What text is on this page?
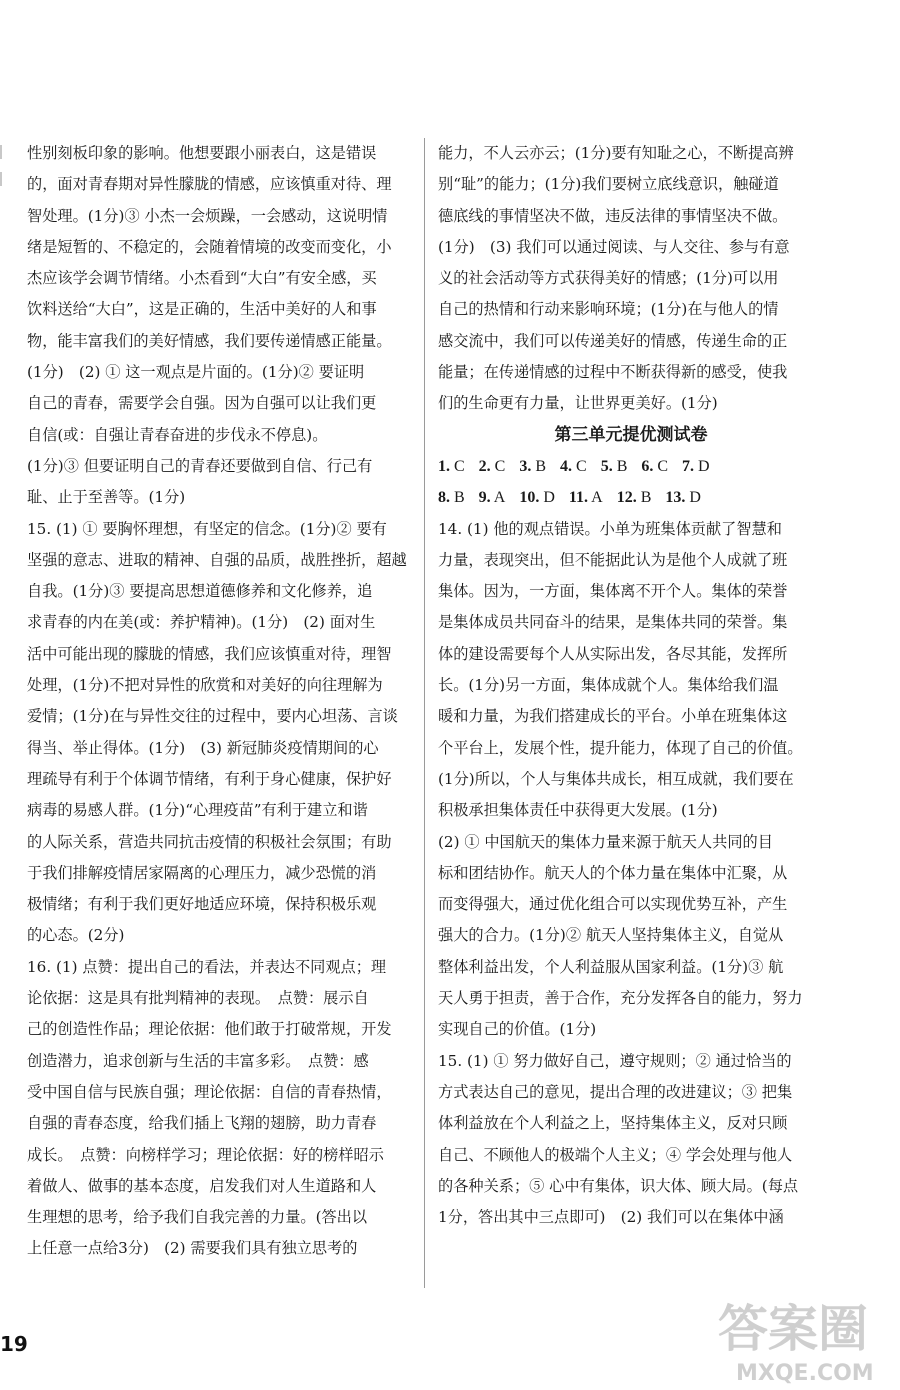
性别刻板印象的影响。他想要跟小丽表白，这是错误
的，面对青春期对异性朦胧的情感，应该慎重对待、理
智处理。(1分)③ 小杰一会烦躁，一会感动，这说明情
绪是短暂的、不稳定的，会随着情境的改变而变化，小
杰应该学会调节情绪。小杰看到“大白”有安全感，买
饮料送给“大白”，这是正确的，生活中美好的人和事
物，能丰富我们的美好情感，我们要传递情感正能量。
(1分)　(2) ① 这一观点是片面的。(1分)② 要证明
自己的青春，需要学会自强。因为自强可以让我们更
自信(或：自强让青春奋进的步伐永不停息)。
(1分)③ 但要证明自己的青春还要做到自信、行己有
耻、止于至善等。(1分)
15. (1) ① 要胸怀理想，有坚定的信念。(1分)② 要有
坚强的意志、进取的精神、自强的品质，战胜挫折，超越
自我。(1分)③ 要提高思想道德修养和文化修养，追
求青春的内在美(或：养护精神)。(1分)　(2) 面对生
活中可能出现的朦胧的情感，我们应该慎重对待，理智
处理，(1分)不把对异性的欣赏和对美好的向往理解为
爱情；(1分)在与异性交往的过程中，要内心坦荡、言谈
得当、举止得体。(1分)　(3) 新冠肺炎疫情期间的心
理疏导有利于个体调节情绪，有利于身心健康，保护好
病毒的易感人群。(1分)“心理疫苗”有利于建立和谐
的人际关系，营造共同抗击疫情的积极社会氛围；有助
于我们排解疫情居家隔离的心理压力，减少恐慌的消
极情绪；有利于我们更好地适应环境，保持积极乐观
的心态。(2分)
16. (1) 点赞：提出自己的看法，并表达不同观点；理
论依据：这是具有批判精神的表现。　点赞：展示自
己的创造性作品；理论依据：他们敢于打破常规，开发
创造潜力，追求创新与生活的丰富多彩。　点赞：感
受中国自信与民族自强；理论依据：自信的青春热情，
自强的青春态度，给我们插上飞翔的翅膀，助力青春
成长。　点赞：向榜样学习；理论依据：好的榜样昭示
着做人、做事的基本态度，启发我们对人生道路和人
生理想的思考，给予我们自我完善的力量。(答出以
上任意一点给3分)　(2) 需要我们具有独立思考的
能力，不人云亦云；(1分)要有知耻之心，不断提高辨
别“耻”的能力；(1分)我们要树立底线意识，触碰道
德底线的事情坚决不做，违反法律的事情坚决不做。
(1分)　(3) 我们可以通过阅读、与人交往、参与有意
义的社会活动等方式获得美好的情感；(1分)可以用
自己的热情和行动来影响环境；(1分)在与他人的情
感交流中，我们可以传递美好的情感，传递生命的正
能量；在传递情感的过程中不断获得新的感受，使我
们的生命更有力量，让世界更美好。(1分)
第三单元提优测试卷
1. C 2. C 3. B 4. C 5. B 6. C 7. D
8. B 9. A 10. D 11. A 12. B 13. D
14. (1) 他的观点错误。小单为班集体贡献了智慧和
力量，表现突出，但不能据此认为是他个人成就了班
集体。因为，一方面，集体离不开个人。集体的荣誉
是集体成员共同奋斗的结果，是集体共同的荣誉。集
体的建设需要每个人从实际出发，各尽其能，发挥所
长。(1分)另一方面，集体成就个人。集体给我们温
暖和力量，为我们搭建成长的平台。小单在班集体这
个平台上，发展个性，提升能力，体现了自己的价值。
(1分)所以，个人与集体共成长，相互成就，我们要在
积极承担集体责任中获得更大发展。(1分)
(2) ① 中国航天的集体力量来源于航天人共同的目
标和团结协作。航天人的个体力量在集体中汇聚，从
而变得强大，通过优化组合可以实现优势互补，产生
强大的合力。(1分)② 航天人坚持集体主义，自觉从
整体利益出发，个人利益服从国家利益。(1分)③ 航
天人勇于担责，善于合作，充分发挥各自的能力，努力
实现自己的价值。(1分)
15. (1) ① 努力做好自己，遵守规则；② 通过恰当的
方式表达自己的意见，提出合理的改进建议；③ 把集
体利益放在个人利益之上，坚持集体主义，反对只顾
自己、不顾他人的极端个人主义；④ 学会处理与他人
的各种关系；⑤ 心中有集体，识大体、顾大局。(每点
1分，答出其中三点即可)　(2) 我们可以在集体中涵
19	答案圈
MXQE.COM
